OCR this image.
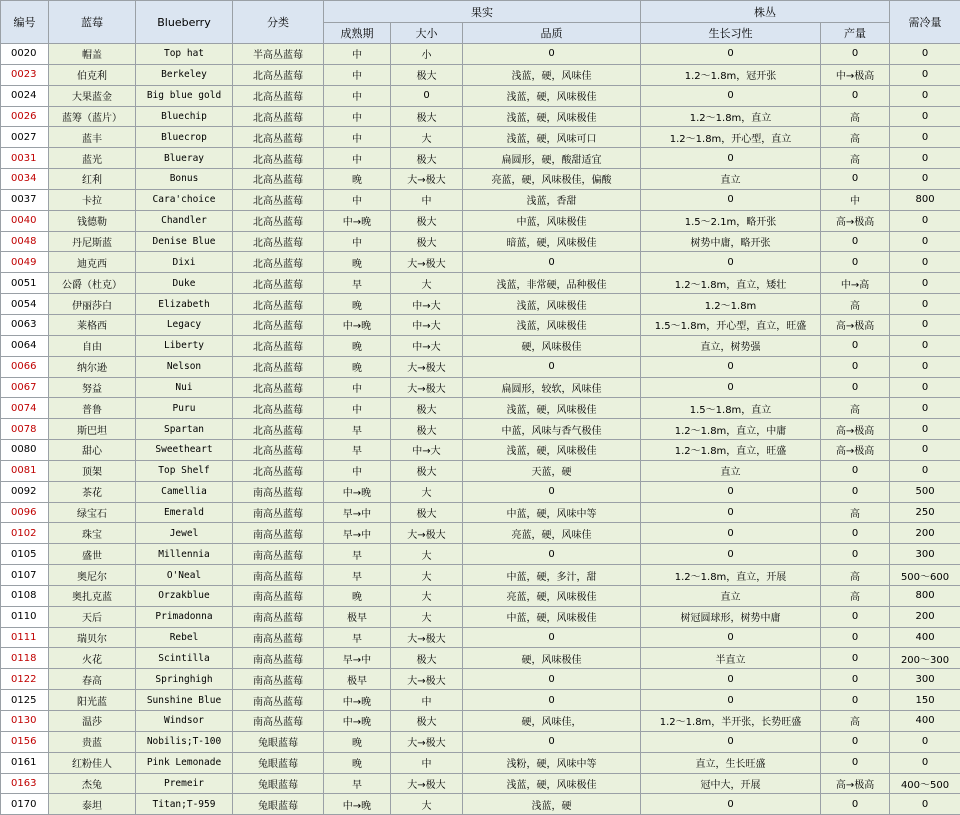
编号	蓝莓	Blueberry	分类	果实			株丛		需冷量
				成熟期	大小	品质	生长习性	产量	
0020	帽盖	Top hat	半高丛蓝莓	中	小	0	0	0	0
0023	伯克利	Berkeley	北高丛蓝莓	中	极大	浅蓝，硬，风味佳	1.2～1.8m，冠开张	中→极高	0
0024	大果蓝金	Big blue gold	北高丛蓝莓	中	0	浅蓝，硬，风味极佳	0	0	0
0026	蓝筹（蓝片）	Bluechip	北高丛蓝莓	中	极大	浅蓝，硬，风味极佳	1.2～1.8m，直立	高	0
0027	蓝丰	Bluecrop	北高丛蓝莓	中	大	浅蓝，硬，风味可口	1.2～1.8m，开心型，直立	高	0
0031	蓝光	Blueray	北高丛蓝莓	中	极大	扁圆形，硬，酸甜适宜	0	高	0
0034	红利	Bonus	北高丛蓝莓	晚	大→极大	亮蓝，硬，风味极佳，偏酸	直立	0	0
0037	卡拉	Cara'choice	北高丛蓝莓	中	中	浅蓝，香甜	0	中	800
0040	钱德勒	Chandler	北高丛蓝莓	中→晚	极大	中蓝，风味极佳	1.5～2.1m，略开张	高→极高	0
0048	丹尼斯蓝	Denise Blue	北高丛蓝莓	中	极大	暗蓝，硬，风味极佳	树势中庸，略开张	0	0
0049	迪克西	Dixi	北高丛蓝莓	晚	大→极大	0	0	0	0
0051	公爵（杜克）	Duke	北高丛蓝莓	早	大	浅蓝，非常硬，品种极佳	1.2～1.8m，直立，矮壮	中→高	0
0054	伊丽莎白	Elizabeth	北高丛蓝莓	晚	中→大	浅蓝，风味极佳	1.2～1.8m	高	0
0063	莱格西	Legacy	北高丛蓝莓	中→晚	中→大	浅蓝，风味极佳	1.5～1.8m，开心型，直立，旺盛	高→极高	0
0064	自由	Liberty	北高丛蓝莓	晚	中→大	硬，风味极佳	直立，树势强	0	0
0066	纳尔逊	Nelson	北高丛蓝莓	晚	大→极大	0	0	0	0
0067	努益	Nui	北高丛蓝莓	中	大→极大	扁圆形，较软，风味佳	0	0	0
0074	普鲁	Puru	北高丛蓝莓	中	极大	浅蓝，硬，风味极佳	1.5～1.8m，直立	高	0
0078	斯巴坦	Spartan	北高丛蓝莓	早	极大	中蓝，风味与香气极佳	1.2～1.8m，直立，中庸	高→极高	0
0080	甜心	Sweetheart	北高丛蓝莓	早	中→大	浅蓝，硬，风味极佳	1.2～1.8m，直立，旺盛	高→极高	0
0081	顶架	Top Shelf	北高丛蓝莓	中	极大	天蓝，硬	直立	0	0
0092	茶花	Camellia	南高丛蓝莓	中→晚	大	0	0	0	500
0096	绿宝石	Emerald	南高丛蓝莓	早→中	极大	中蓝，硬，风味中等	0	高	250
0102	珠宝	Jewel	南高丛蓝莓	早→中	大→极大	亮蓝，硬，风味佳	0	0	200
0105	盛世	Millennia	南高丛蓝莓	早	大	0	0	0	300
0107	奥尼尔	O'Neal	南高丛蓝莓	早	大	中蓝，硬，多汁，甜	1.2～1.8m，直立，开展	高	500～600
0108	奥扎克蓝	Orzakblue	南高丛蓝莓	晚	大	亮蓝，硬，风味极佳	直立	高	800
0110	天后	Primadonna	南高丛蓝莓	极早	大	中蓝，硬，风味极佳	树冠圆球形，树势中庸	0	200
0111	瑞贝尔	Rebel	南高丛蓝莓	早	大→极大	0	0	0	400
0118	火花	Scintilla	南高丛蓝莓	早→中	极大	硬，风味极佳	半直立	0	200～300
0122	春高	Springhigh	南高丛蓝莓	极早	大→极大	0	0	0	300
0125	阳光蓝	Sunshine Blue	南高丛蓝莓	中→晚	中	0	0	0	150
0130	温莎	Windsor	南高丛蓝莓	中→晚	极大	硬，风味佳，	1.2～1.8m，半开张，长势旺盛	高	400
0156	贵蓝	Nobilis;T-100	兔眼蓝莓	晚	大→极大	0	0	0	0
0161	红粉佳人	Pink Lemonade	兔眼蓝莓	晚	中	浅粉，硬，风味中等	直立，生长旺盛	0	0
0163	杰兔	Premeir	兔眼蓝莓	早	大→极大	浅蓝，硬，风味极佳	冠中大，开展	高→极高	400～500
0170	泰坦	Titan;T-959	兔眼蓝莓	中→晚	大	浅蓝，硬	0	0	0
